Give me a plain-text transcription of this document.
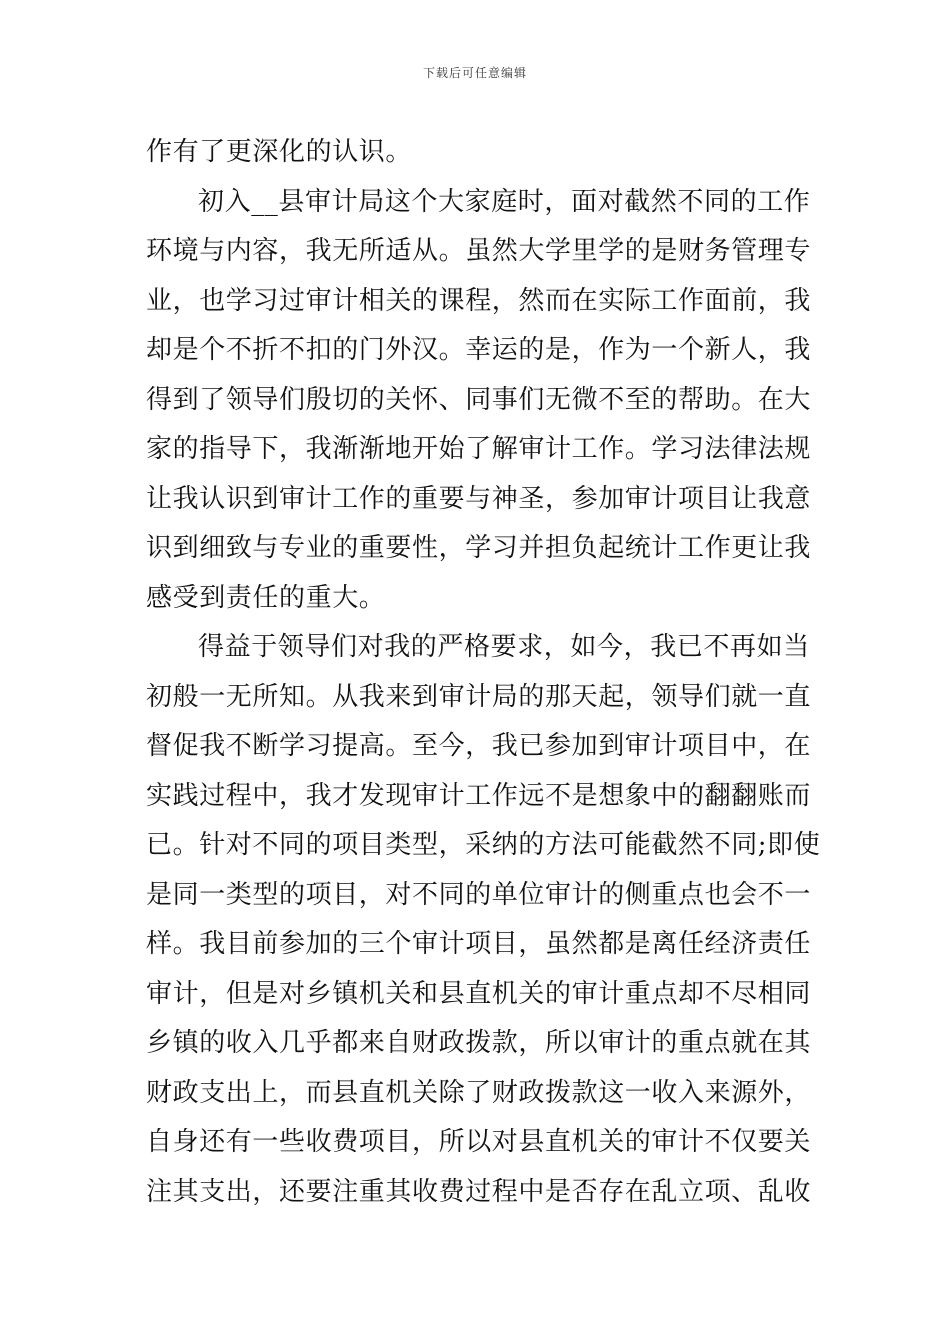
下载后可任意编辑
作有了更深化的认识。
初入__县审计局这个大家庭时，面对截然不同的工作
环境与内容，我无所适从。虽然大学里学的是财务管理专
业，也学习过审计相关的课程，然而在实际工作面前，我
却是个不折不扣的门外汉。幸运的是，作为一个新人，我
得到了领导们殷切的关怀、同事们无微不至的帮助。在大
家的指导下，我渐渐地开始了解审计工作。学习法律法规
让我认识到审计工作的重要与神圣，参加审计项目让我意
识到细致与专业的重要性，学习并担负起统计工作更让我
感受到责任的重大。
得益于领导们对我的严格要求，如今，我已不再如当
初般一无所知。从我来到审计局的那天起，领导们就一直
督促我不断学习提高。至今，我已参加到审计项目中，在
实践过程中，我才发现审计工作远不是想象中的翻翻账而
已。针对不同的项目类型，采纳的方法可能截然不同;即使
是同一类型的项目，对不同的单位审计的侧重点也会不一
样。我目前参加的三个审计项目，虽然都是离任经济责任
审计，但是对乡镇机关和县直机关的审计重点却不尽相同
乡镇的收入几乎都来自财政拨款，所以审计的重点就在其
财政支出上，而县直机关除了财政拨款这一收入来源外，
自身还有一些收费项目，所以对县直机关的审计不仅要关
注其支出，还要注重其收费过程中是否存在乱立项、乱收
